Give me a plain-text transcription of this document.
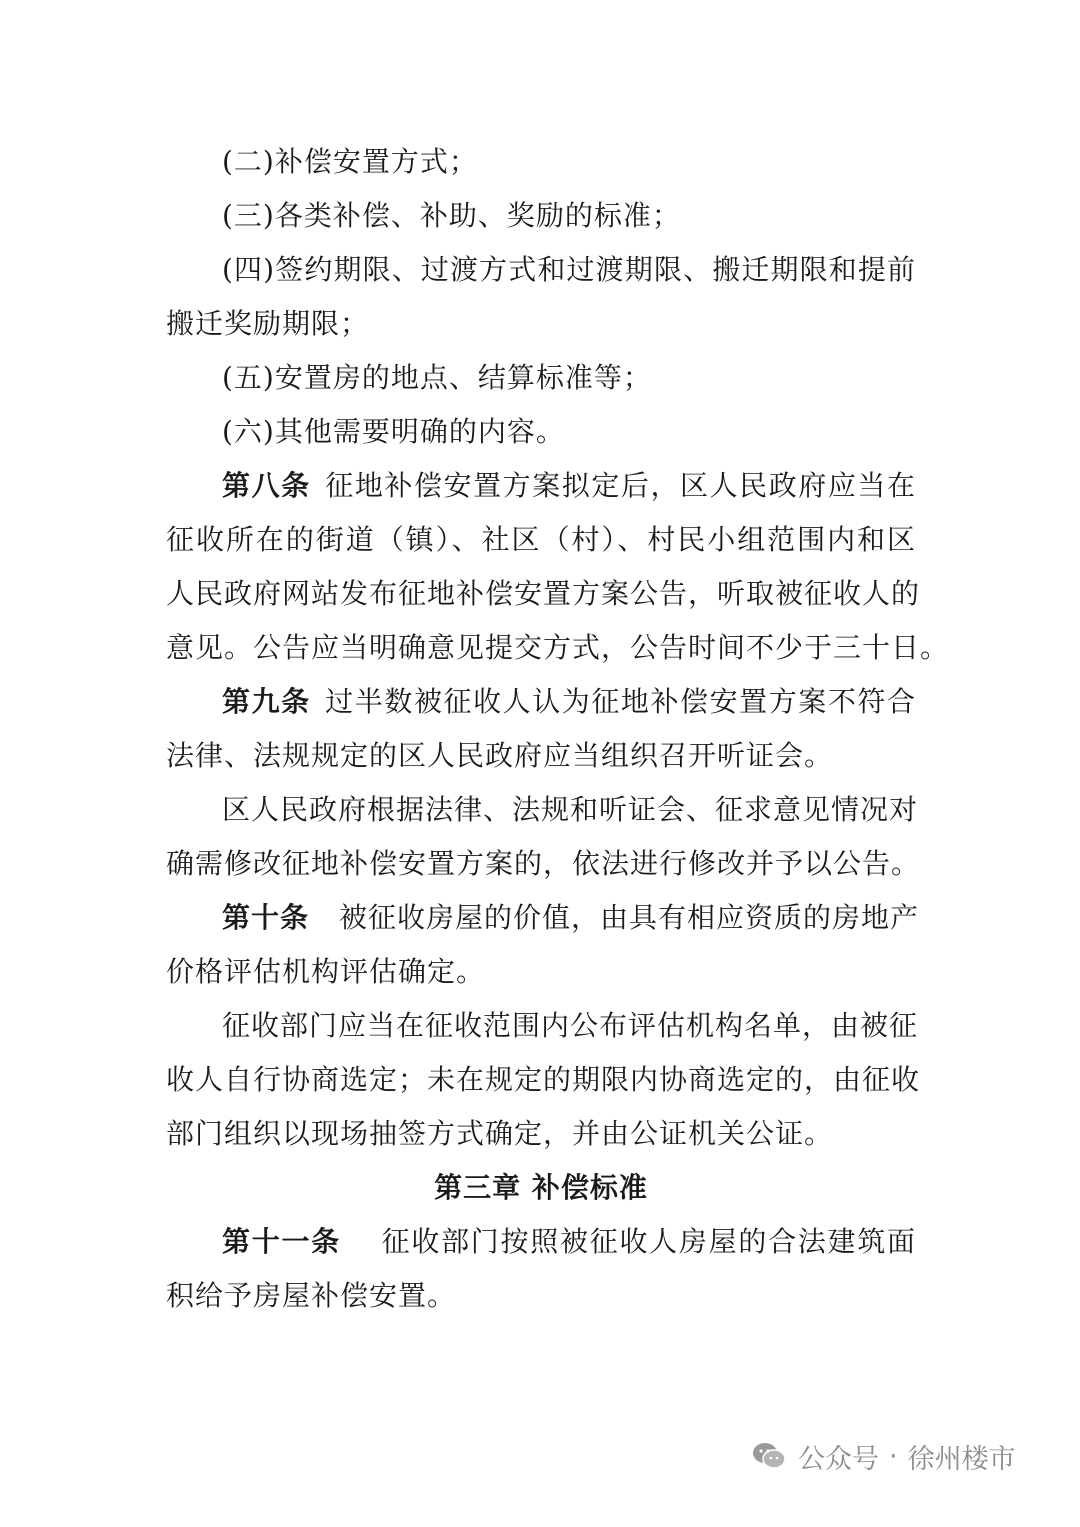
(二)补偿安置方式；
(三)各类补偿、补助、奖励的标准；
(四)签约期限、过渡方式和过渡期限、搬迁期限和提前
搬迁奖励期限；
(五)安置房的地点、结算标准等；
(六)其他需要明确的内容。
第八条 征地补偿安置方案拟定后，区人民政府应当在
征收所在的街道（镇）、社区（村）、村民小组范围内和区
人民政府网站发布征地补偿安置方案公告，听取被征收人的
意见。公告应当明确意见提交方式，公告时间不少于三十日。
第九条 过半数被征收人认为征地补偿安置方案不符合
法律、法规规定的区人民政府应当组织召开听证会。
区人民政府根据法律、法规和听证会、征求意见情况对
确需修改征地补偿安置方案的，依法进行修改并予以公告。
第十条 被征收房屋的价值，由具有相应资质的房地产
价格评估机构评估确定。
征收部门应当在征收范围内公布评估机构名单，由被征
收人自行协商选定；未在规定的期限内协商选定的，由征收
部门组织以现场抽签方式确定，并由公证机关公证。
第三章 补偿标准
第十一条 征收部门按照被征收人房屋的合法建筑面
积给予房屋补偿安置。
公众号 · 徐州楼市
